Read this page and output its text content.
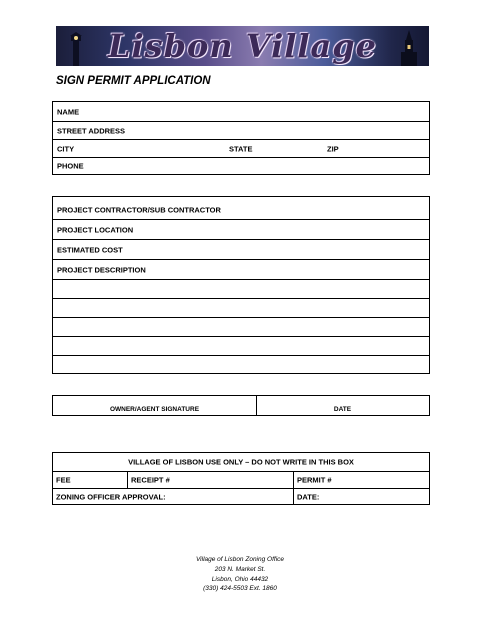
Lisbon Village
SIGN PERMIT APPLICATION
NAME
STREET ADDRESS
CITY	STATE	ZIP
PHONE
PROJECT CONTRACTOR/SUB CONTRACTOR
PROJECT LOCATION
ESTIMATED COST
PROJECT DESCRIPTION
OWNER/AGENT SIGNATURE	DATE
VILLAGE OF LISBON USE ONLY – DO NOT WRITE IN THIS BOX
FEE	RECEIPT #	PERMIT #
ZONING OFFICER APPROVAL:	DATE:
Village of Lisbon Zoning Office
203 N. Market St.
Lisbon, Ohio 44432
(330) 424-5503 Ext. 1860
